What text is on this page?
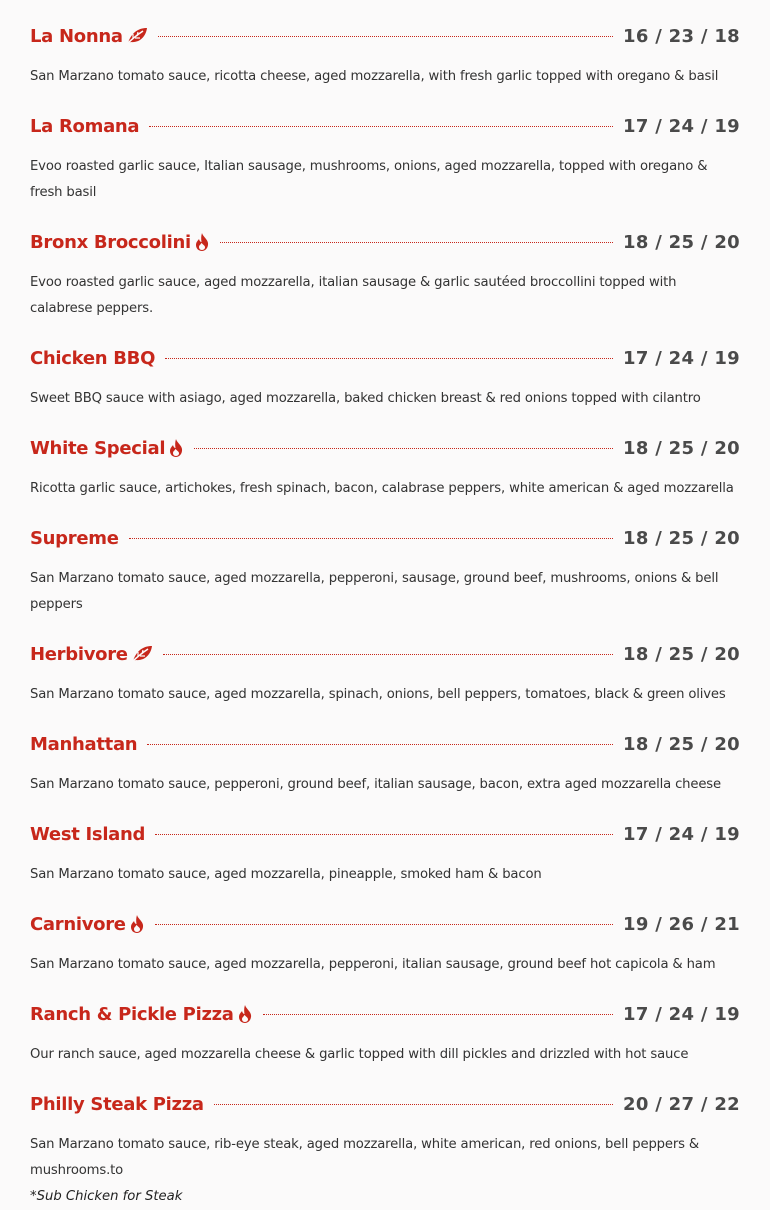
La Nonna	16 / 23 / 18
San Marzano tomato sauce, ricotta cheese, aged mozzarella, with fresh garlic topped with oregano & basil
La Romana	17 / 24 / 19
Evoo roasted garlic sauce, Italian sausage, mushrooms, onions, aged mozzarella, topped with oregano & fresh basil
Bronx Broccolini	18 / 25 / 20
Evoo roasted garlic sauce, aged mozzarella, italian sausage & garlic sautéed broccollini topped with calabrese peppers.
Chicken BBQ	17 / 24 / 19
Sweet BBQ sauce with asiago, aged mozzarella, baked chicken breast & red onions topped with cilantro
White Special	18 / 25 / 20
Ricotta garlic sauce, artichokes, fresh spinach, bacon, calabrase peppers, white american & aged mozzarella
Supreme	18 / 25 / 20
San Marzano tomato sauce, aged mozzarella, pepperoni, sausage, ground beef, mushrooms, onions & bell peppers
Herbivore	18 / 25 / 20
San Marzano tomato sauce, aged mozzarella, spinach, onions, bell peppers, tomatoes, black & green olives
Manhattan	18 / 25 / 20
San Marzano tomato sauce, pepperoni, ground beef, italian sausage, bacon, extra aged mozzarella cheese
West Island	17 / 24 / 19
San Marzano tomato sauce, aged mozzarella, pineapple, smoked ham & bacon
Carnivore	19 / 26 / 21
San Marzano tomato sauce, aged mozzarella, pepperoni, italian sausage, ground beef hot capicola & ham
Ranch & Pickle Pizza	17 / 24 / 19
Our ranch sauce, aged mozzarella cheese & garlic topped with dill pickles and drizzled with hot sauce
Philly Steak Pizza	20 / 27 / 22
San Marzano tomato sauce, rib-eye steak, aged mozzarella, white american, red onions, bell peppers & mushrooms.to
*Sub Chicken for Steak
